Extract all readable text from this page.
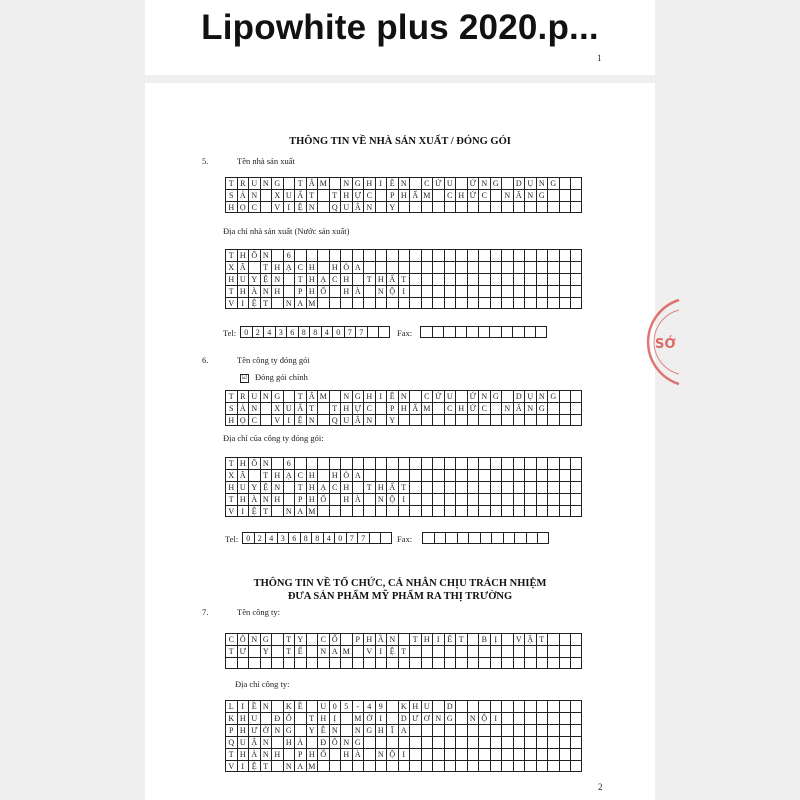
Lipowhite plus 2020.p...
1
THÔNG TIN VỀ NHÀ SẢN XUẤT / ĐÓNG GÓI
5.	Tên nhà sản xuất
T R U N G	T Â M	N G H I Ê N	C Ứ U	Ứ N G	D Ụ N G
S Ả N	X U Ấ T	T H Ự C	P H Ẩ M	C H Ứ C	N Ă N G
H Ọ C	V I Ệ N	Q U Â N	Y
Địa chỉ nhà sản xuất (Nước sản xuất)
T H Ô N	6
X Ã	T H Ạ C H	H Ò A
H U Y Ệ N	T H Ạ C H	T H Ấ T
T H À N H	P H Ố	H À	N Ộ I
V I Ệ T	N A M
Tel:	0 2 4 3 6 8 8 4 0 7 7	Fax:
6.	Tên công ty đóng gói
☑ Đóng gói chính
T R U N G	T Â M	N G H I Ê N	C Ứ U	Ứ N G	D Ụ N G
S Ả N	X U Ấ T	T H Ự C	P H Ẩ M	C H Ứ C	N Ă N G
H Ọ C	V I Ệ N	Q U Â N	Y
Địa chỉ của công ty đóng gói:
T H Ô N	6
X Ã	T H Ạ C H	H Ò A
H U Y Ệ N	T H Ạ C H	T H Ấ T
T H À N H	P H Ố	H À	N Ộ I
V I Ệ T	N A M
Tel:	0 2 4 3 6 8 8 4 0 7 7	Fax:
THÔNG TIN VỀ TỔ CHỨC, CÁ NHÂN CHỊU TRÁCH NHIỆM
ĐƯA SẢN PHẨM MỸ PHẨM RA THỊ TRƯỜNG
7.	Tên công ty:
C Ô N G	T Y	C Ổ	P H Ầ N	T H I Ế T	B Ị	V Ậ T
T Ư	Y	T Ế	N A M	V I Ệ T
Địa chỉ công ty:
L I Ề N	K Ề	U 0 5	-	4 9	K H U	D
K H U	Đ Ô	T H Ị	M Ớ I	D Ư Ơ N G	N Ộ I
P H Ư Ờ N G	Y Ê N	N G H Ĩ A
Q U Ậ N	H À	Đ Ô N G
T H À N H	P H Ố	H À	N Ộ I
V I Ệ T	N A M
2
SỞ
